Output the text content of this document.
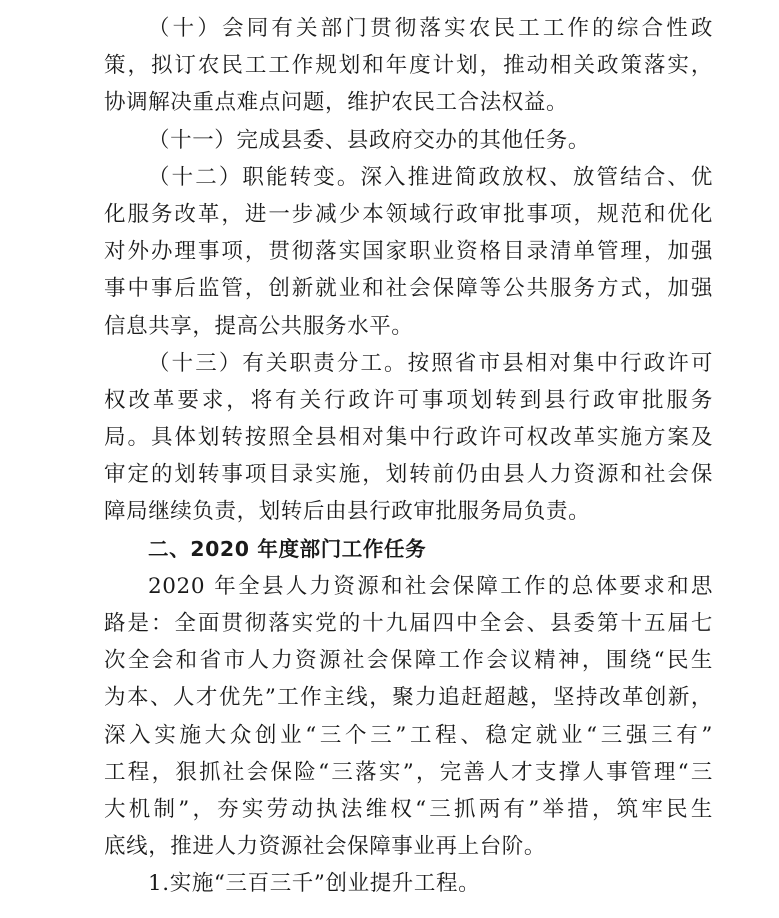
（十）会同有关部门贯彻落实农民工工作的综合性政
策，拟订农民工工作规划和年度计划，推动相关政策落实，
协调解决重点难点问题，维护农民工合法权益。
（十一）完成县委、县政府交办的其他任务。
（十二）职能转变。深入推进简政放权、放管结合、优
化服务改革，进一步减少本领域行政审批事项，规范和优化
对外办理事项，贯彻落实国家职业资格目录清单管理，加强
事中事后监管，创新就业和社会保障等公共服务方式，加强
信息共享，提高公共服务水平。
（十三）有关职责分工。按照省市县相对集中行政许可
权改革要求，将有关行政许可事项划转到县行政审批服务
局。具体划转按照全县相对集中行政许可权改革实施方案及
审定的划转事项目录实施，划转前仍由县人力资源和社会保
障局继续负责，划转后由县行政审批服务局负责。
二、2020 年度部门工作任务
2020 年全县人力资源和社会保障工作的总体要求和思
路是：全面贯彻落实党的十九届四中全会、县委第十五届七
次全会和省市人力资源社会保障工作会议精神，围绕“民生
为本、人才优先”工作主线，聚力追赶超越，坚持改革创新，
深入实施大众创业“三个三”工程、稳定就业“三强三有”
工程，狠抓社会保险“三落实”，完善人才支撑人事管理“三
大机制”，夯实劳动执法维权“三抓两有”举措，筑牢民生
底线，推进人力资源社会保障事业再上台阶。
1.实施“三百三千”创业提升工程。
